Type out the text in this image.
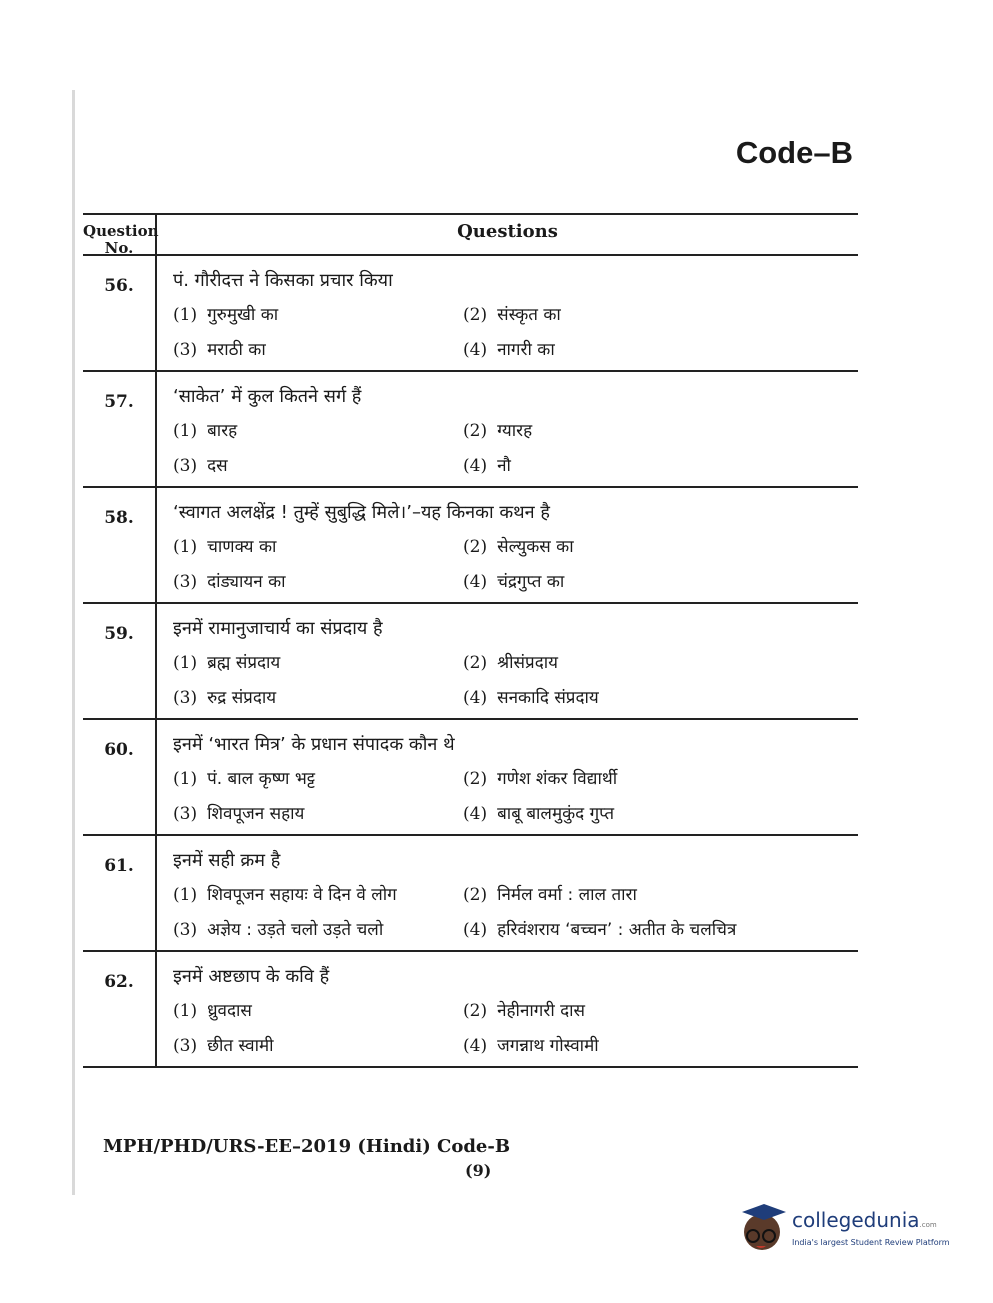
Code–B
Question No.
Questions
56.	पं. गौरीदत्त ने किसका प्रचार किया
(1) गुरुमुखी का	(2) संस्कृत का
(3) मराठी का	(4) नागरी का
57.	‘साकेत’ में कुल कितने सर्ग हैं
(1) बारह	(2) ग्यारह
(3) दस	(4) नौ
58.	‘स्वागत अलक्षेंद्र ! तुम्हें सुबुद्धि मिले।’–यह किनका कथन है
(1) चाणक्य का	(2) सेल्युकस का
(3) दांड्यायन का	(4) चंद्रगुप्त का
59.	इनमें रामानुजाचार्य का संप्रदाय है
(1) ब्रह्म संप्रदाय	(2) श्रीसंप्रदाय
(3) रुद्र संप्रदाय	(4) सनकादि संप्रदाय
60.	इनमें ‘भारत मित्र’ के प्रधान संपादक कौन थे
(1) पं. बाल कृष्ण भट्ट	(2) गणेश शंकर विद्यार्थी
(3) शिवपूजन सहाय	(4) बाबू बालमुकुंद गुप्त
61.	इनमें सही क्रम है
(1) शिवपूजन सहायः वे दिन वे लोग	(2) निर्मल वर्मा : लाल तारा
(3) अज्ञेय : उड़ते चलो उड़ते चलो	(4) हरिवंशराय ‘बच्चन’ : अतीत के चलचित्र
62.	इनमें अष्टछाप के कवि हैं
(1) ध्रुवदास	(2) नेहीनागरी दास
(3) छीत स्वामी	(4) जगन्नाथ गोस्वामी
MPH/PHD/URS-EE–2019 (Hindi) Code-B
(9)
collegedunia.com
India's largest Student Review Platform
